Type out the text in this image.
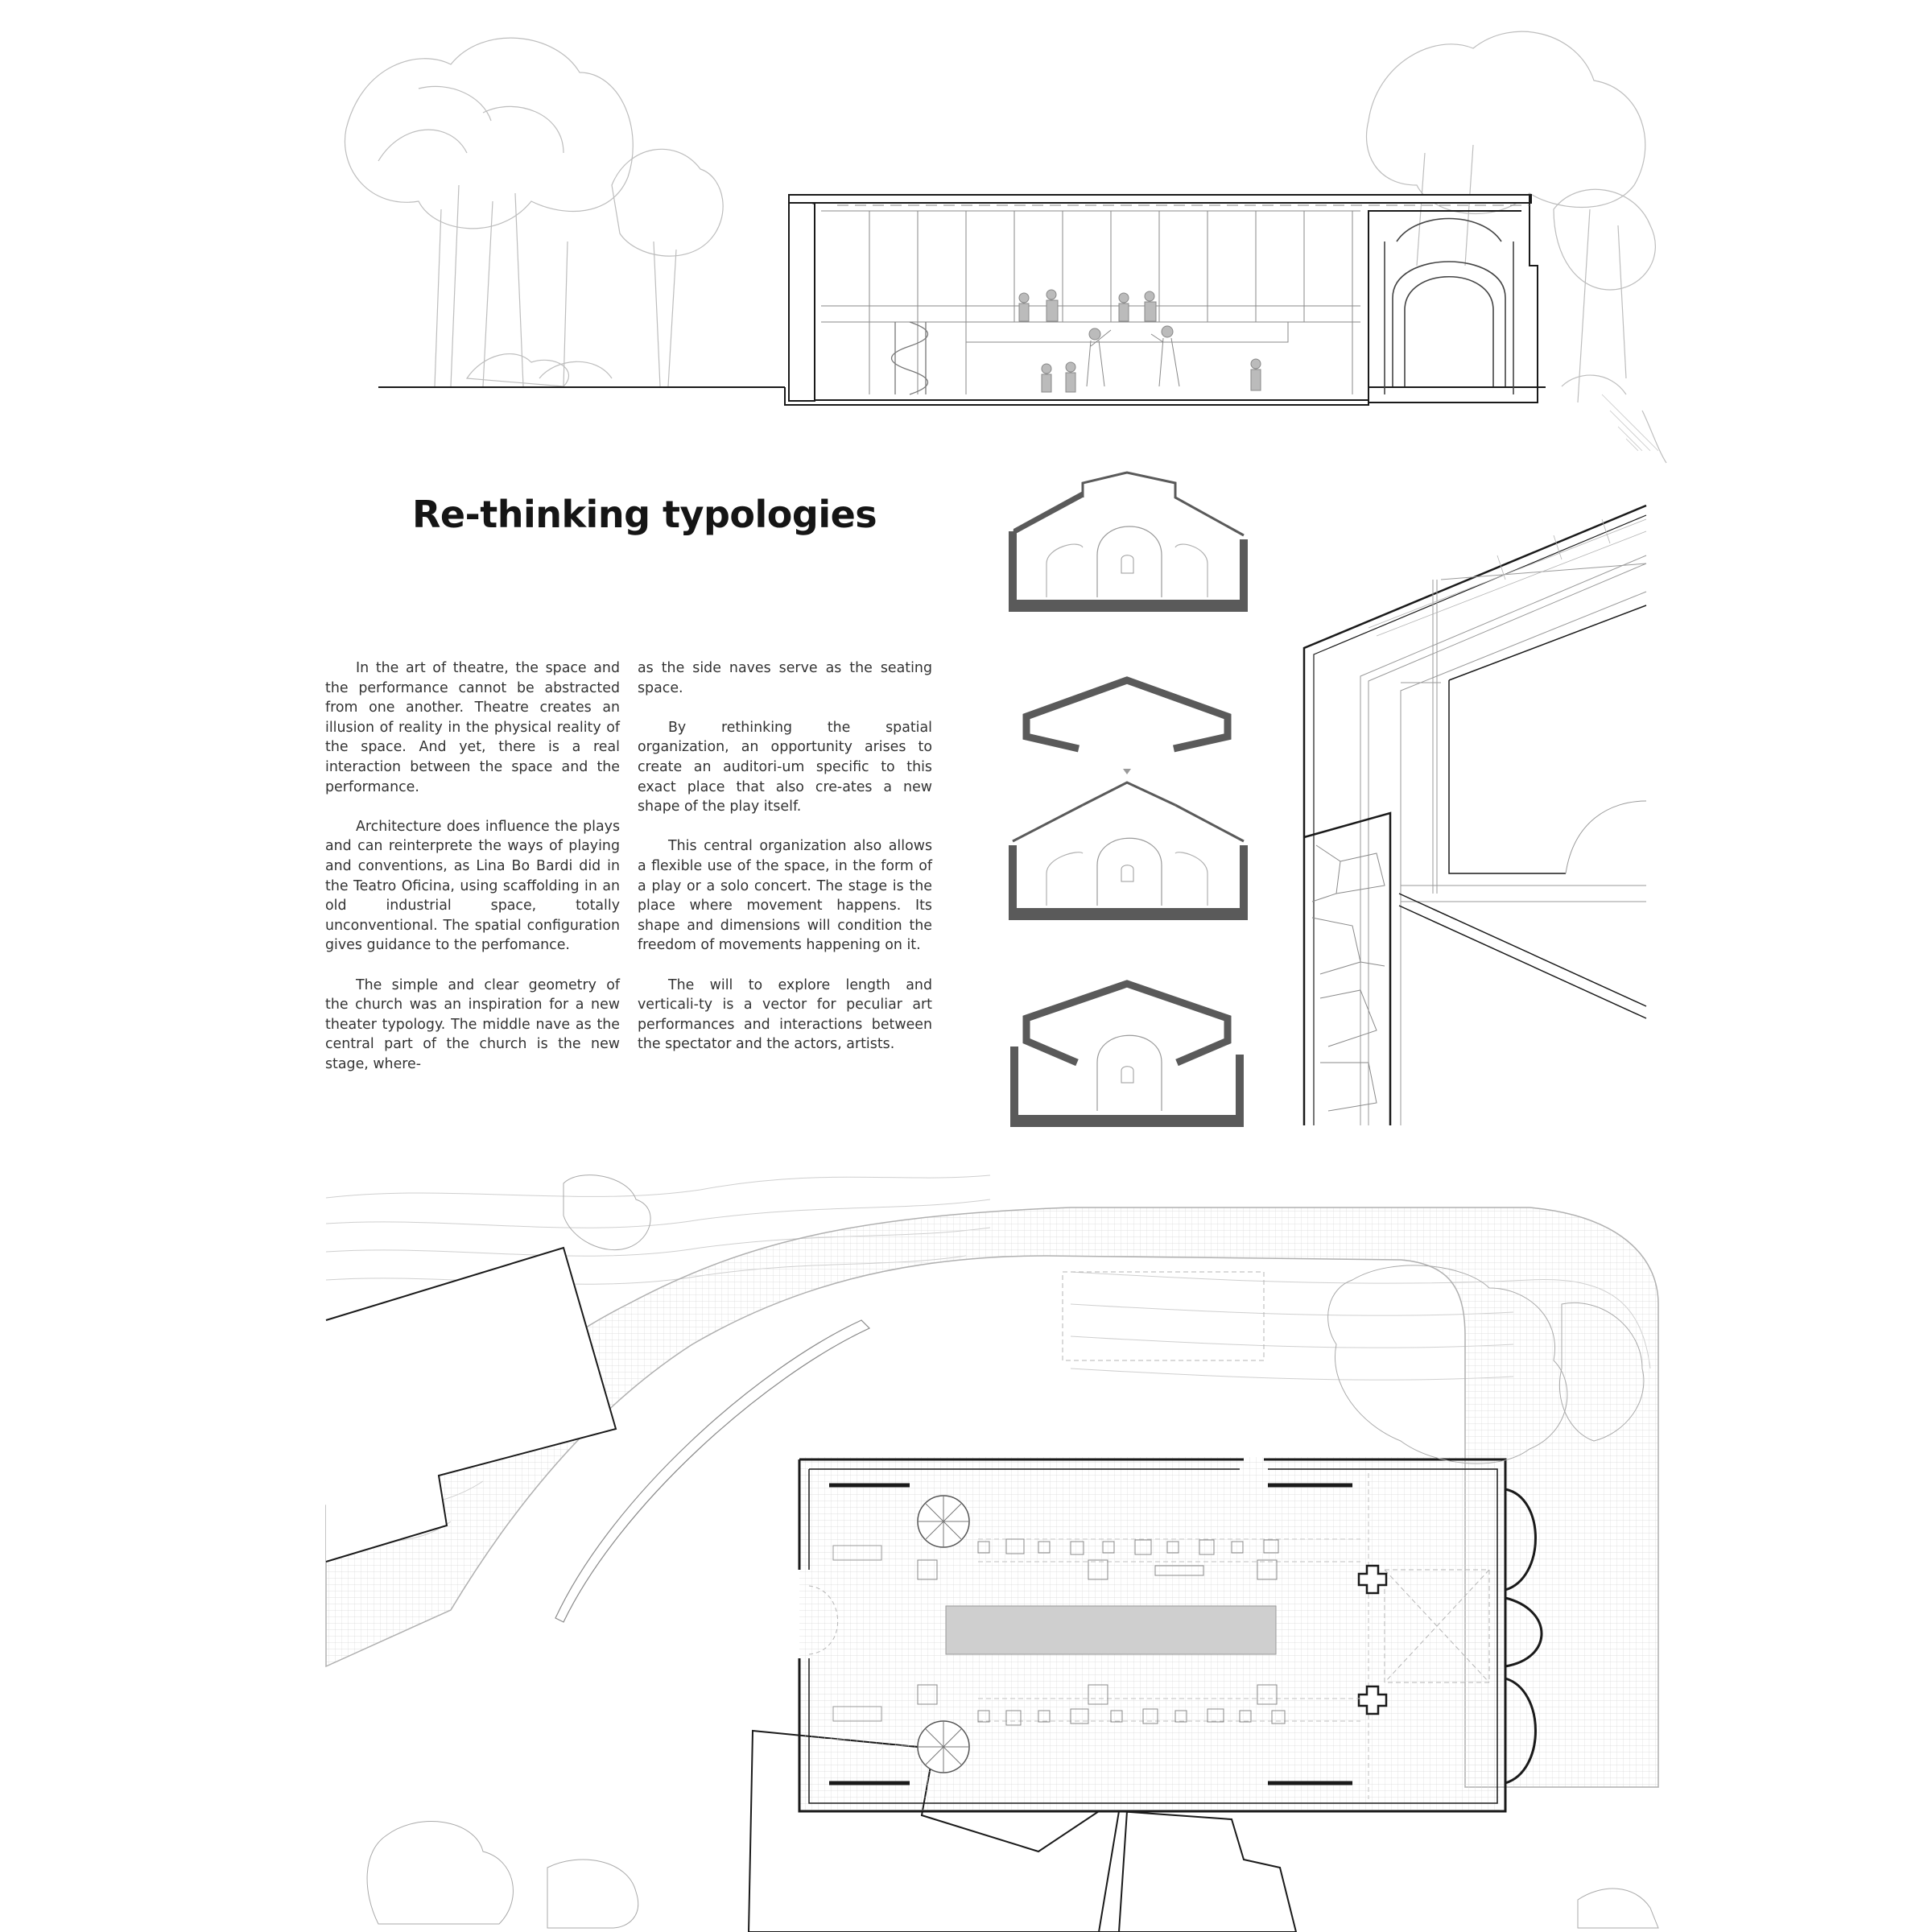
Re-thinking typologies

In the art of theatre, the space and the performance cannot be abstracted from one another. Theatre creates an illusion of reality in the physical reality of the space. And yet, there is a real interaction between the space and the performance.

Architecture does influence the plays and can reinterprete the ways of playing and conventions, as Lina Bo Bardi did in the Teatro Oficina, using scaffolding in an old industrial space, totally unconventional. The spatial configuration gives guidance to the perfomance.

The simple and clear geometry of the church was an inspiration for a new theater typology. The middle nave as the central part of the church is the new stage, where-

as the side naves serve as the seating space.

By rethinking the spatial organization, an opportunity arises to create an auditori-um specific to this exact place that also cre-ates a new shape of the play itself.

This central organization also allows a flexible use of the space, in the form of a play or a solo concert. The stage is the place where movement happens. Its shape and dimensions will condition the freedom of movements happening on it.

The will to explore length and verticali-ty is a vector for peculiar art performances and interactions between the spectator and the actors, artists.
